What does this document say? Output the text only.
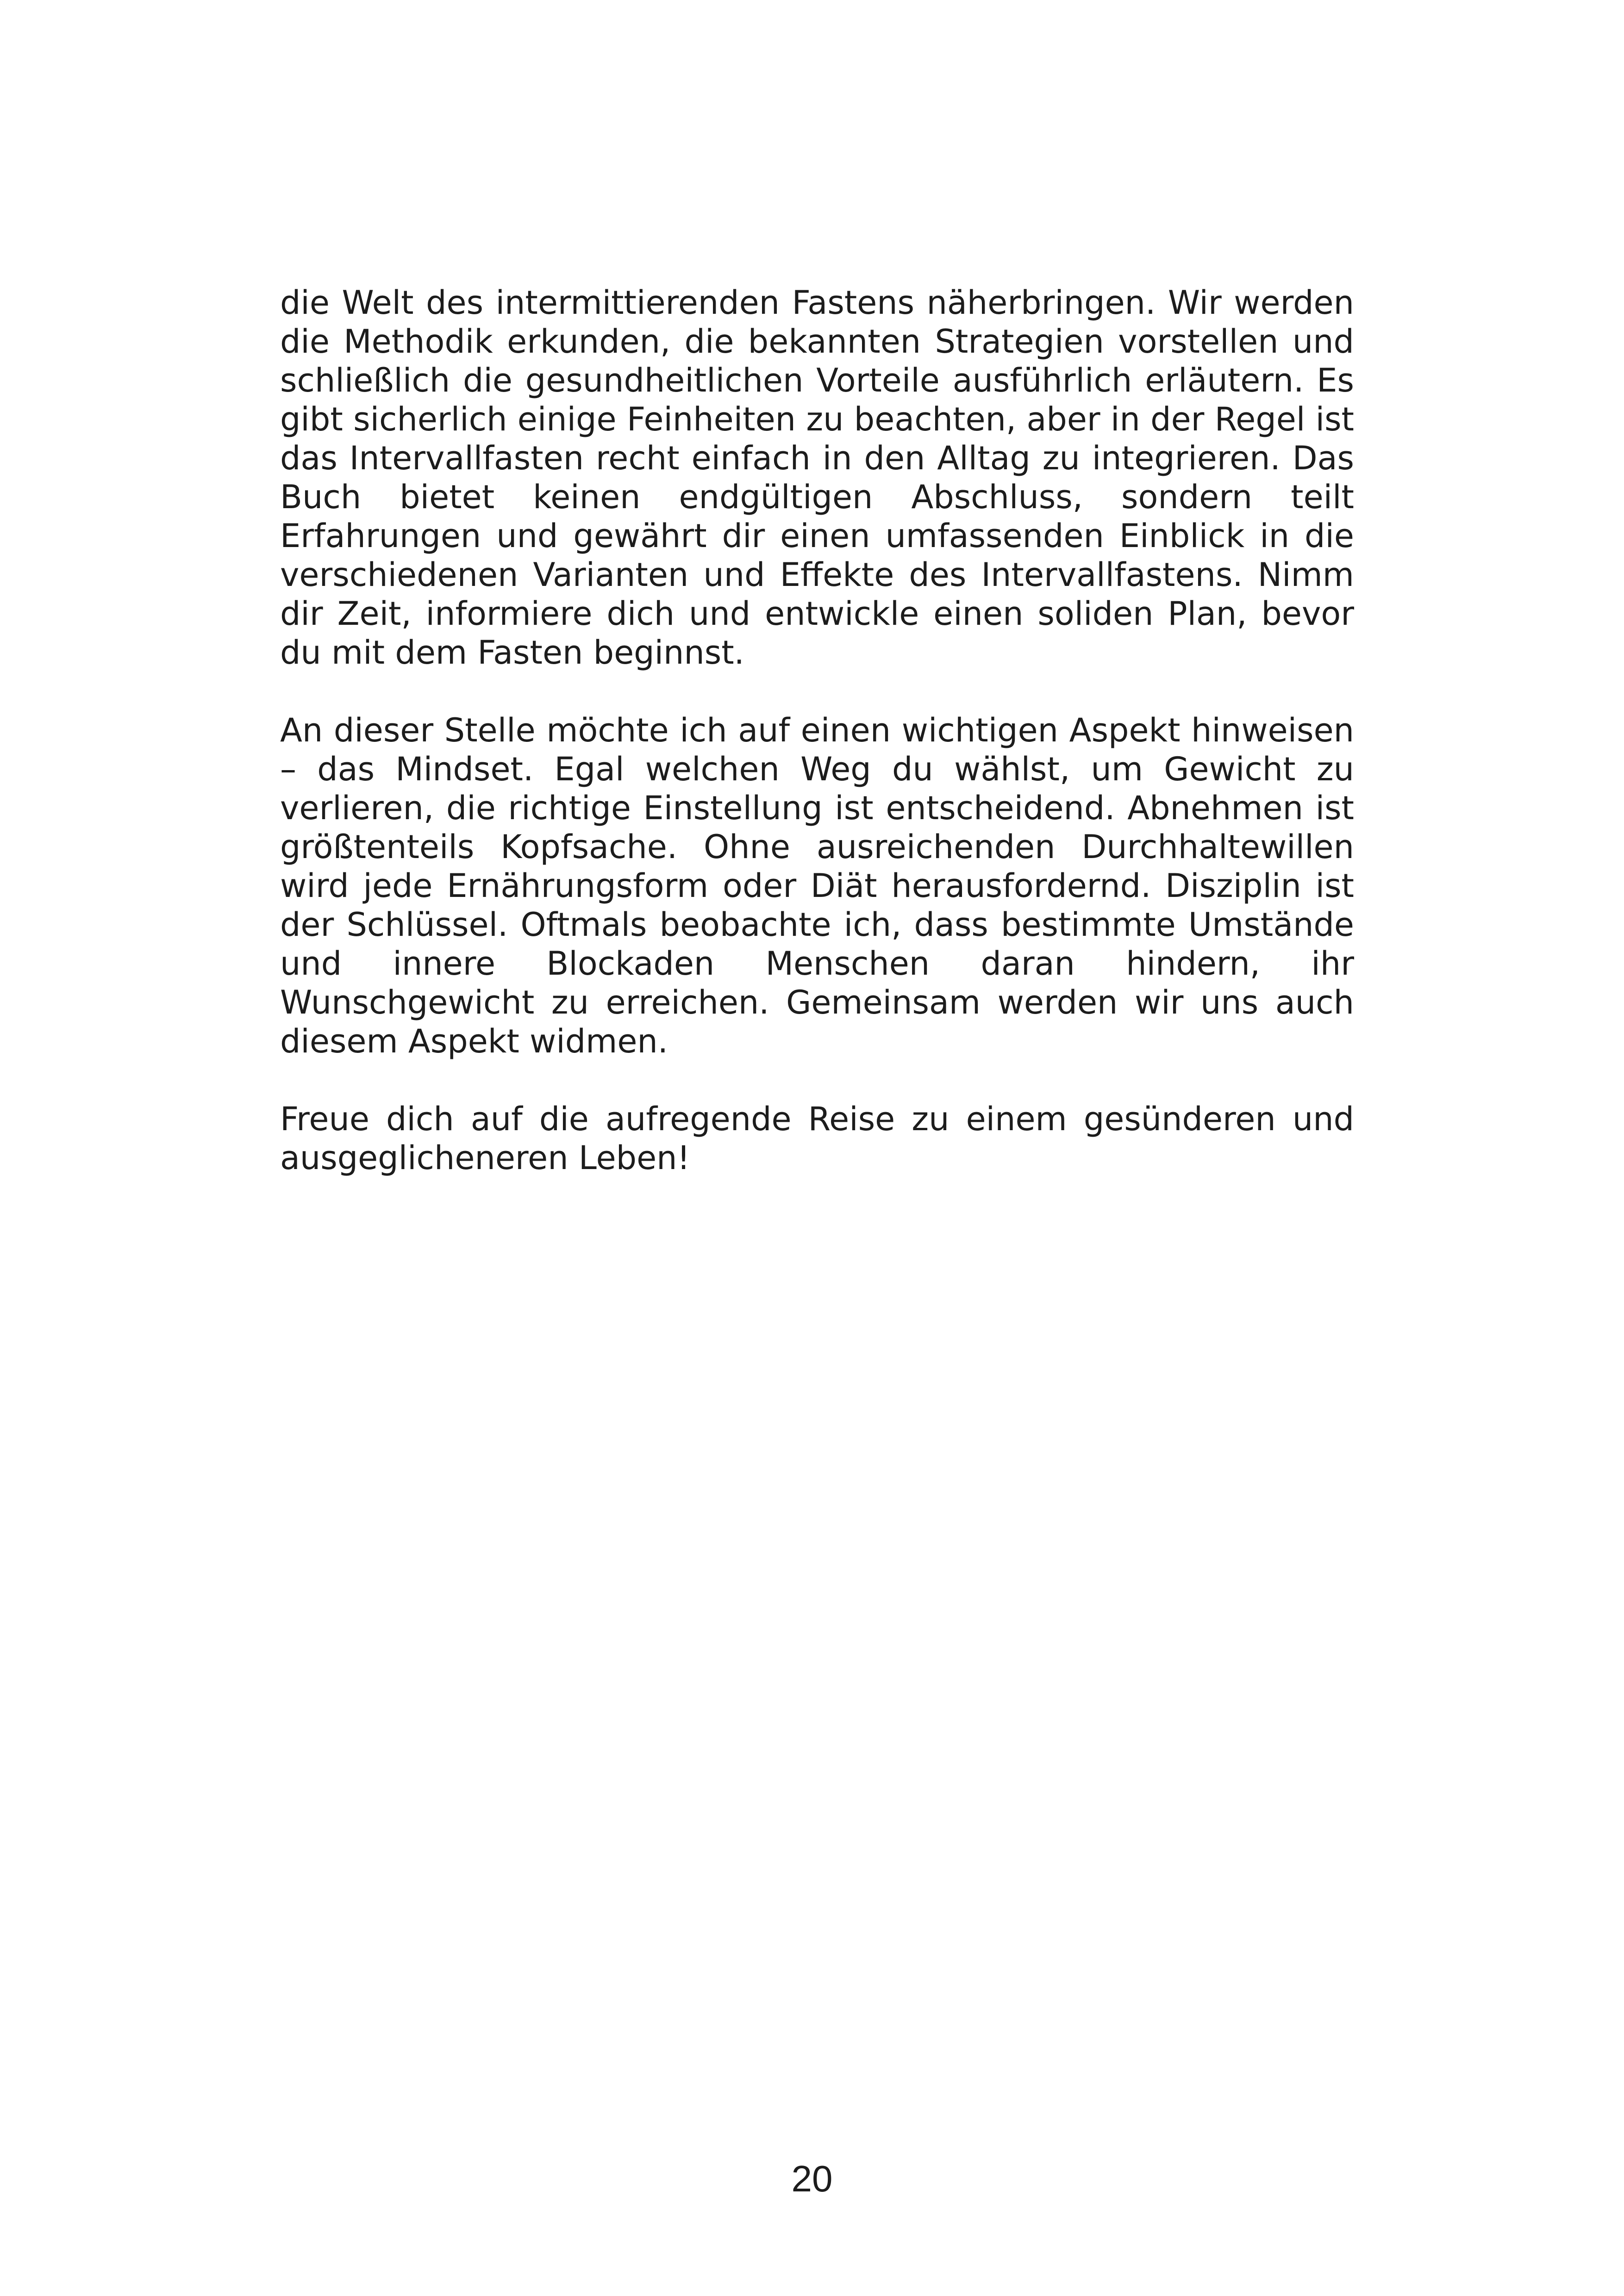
die Welt des intermittierenden Fastens näherbringen. Wir werden die Methodik erkunden, die bekannten Strategien vorstellen und schließlich die gesundheitlichen Vorteile ausführlich erläutern. Es gibt sicherlich einige Feinheiten zu beachten, aber in der Regel ist das Intervallfasten recht einfach in den Alltag zu integrieren. Das Buch bietet keinen endgültigen Abschluss, sondern teilt Erfahrungen und gewährt dir einen umfassenden Einblick in die verschiedenen Varianten und Effekte des Intervallfastens. Nimm dir Zeit, informiere dich und entwickle einen soliden Plan, bevor du mit dem Fasten beginnst.

An dieser Stelle möchte ich auf einen wichtigen Aspekt hinweisen – das Mindset. Egal welchen Weg du wählst, um Gewicht zu verlieren, die richtige Einstellung ist entscheidend. Abnehmen ist größtenteils Kopfsache. Ohne ausreichenden Durchhaltewillen wird jede Ernährungsform oder Diät herausfordernd. Disziplin ist der Schlüssel. Oftmals beobachte ich, dass bestimmte Umstände und innere Blockaden Menschen daran hindern, ihr Wunschgewicht zu erreichen. Gemeinsam werden wir uns auch diesem Aspekt widmen.

Freue dich auf die aufregende Reise zu einem gesünderen und ausgeglicheneren Leben!

20
